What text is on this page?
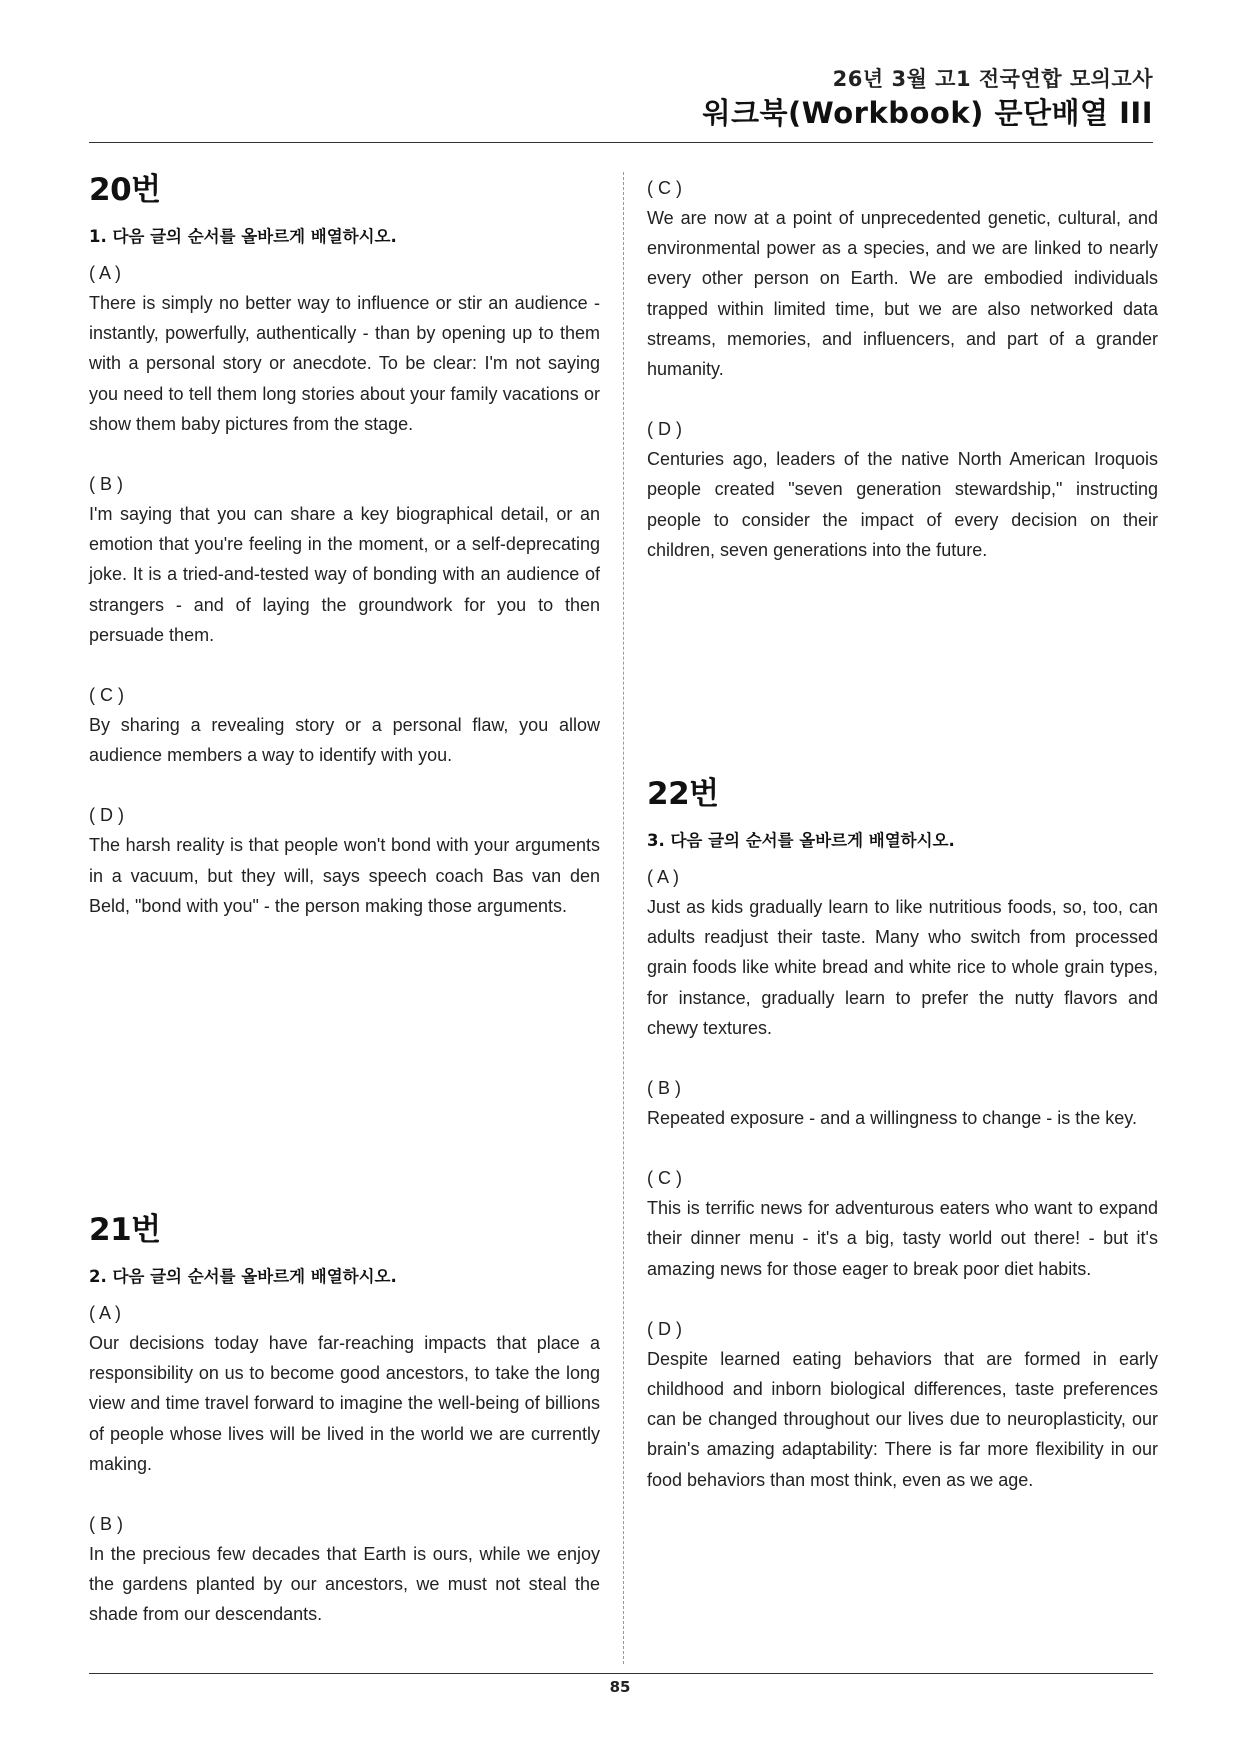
26년 3월 고1 전국연합 모의고사
워크북(Workbook) 문단배열 III
20번
1. 다음 글의 순서를 올바르게 배열하시오.
( A )

There is simply no better way to influence or stir an audience - instantly, powerfully, authentically - than by opening up to them with a personal story or anecdote. To be clear: I'm not saying you need to tell them long stories about your family vacations or show them baby pictures from the stage.

( B )

I'm saying that you can share a key biographical detail, or an emotion that you're feeling in the moment, or a self-deprecating joke. It is a tried-and-tested way of bonding with an audience of strangers - and of laying the groundwork for you to then persuade them.

( C )

By sharing a revealing story or a personal flaw, you allow audience members a way to identify with you.

( D )

The harsh reality is that people won't bond with your arguments in a vacuum, but they will, says speech coach Bas van den Beld, "bond with you" - the person making those arguments.

21번
2. 다음 글의 순서를 올바르게 배열하시오.
( A )

Our decisions today have far-reaching impacts that place a responsibility on us to become good ancestors, to take the long view and time travel forward to imagine the well-being of billions of people whose lives will be lived in the world we are currently making.

( B )

In the precious few decades that Earth is ours, while we enjoy the gardens planted by our ancestors, we must not steal the shade from our descendants.

( C )

We are now at a point of unprecedented genetic, cultural, and environmental power as a species, and we are linked to nearly every other person on Earth. We are embodied individuals trapped within limited time, but we are also networked data streams, memories, and influencers, and part of a grander humanity.

( D )

Centuries ago, leaders of the native North American Iroquois people created "seven generation stewardship," instructing people to consider the impact of every decision on their children, seven generations into the future.

22번
3. 다음 글의 순서를 올바르게 배열하시오.
( A )

Just as kids gradually learn to like nutritious foods, so, too, can adults readjust their taste. Many who switch from processed grain foods like white bread and white rice to whole grain types, for instance, gradually learn to prefer the nutty flavors and chewy textures.

( B )

Repeated exposure - and a willingness to change - is the key.

( C )

This is terrific news for adventurous eaters who want to expand their dinner menu - it's a big, tasty world out there! - but it's amazing news for those eager to break poor diet habits.

( D )

Despite learned eating behaviors that are formed in early childhood and inborn biological differences, taste preferences can be changed throughout our lives due to neuroplasticity, our brain's amazing adaptability: There is far more flexibility in our food behaviors than most think, even as we age.

85
